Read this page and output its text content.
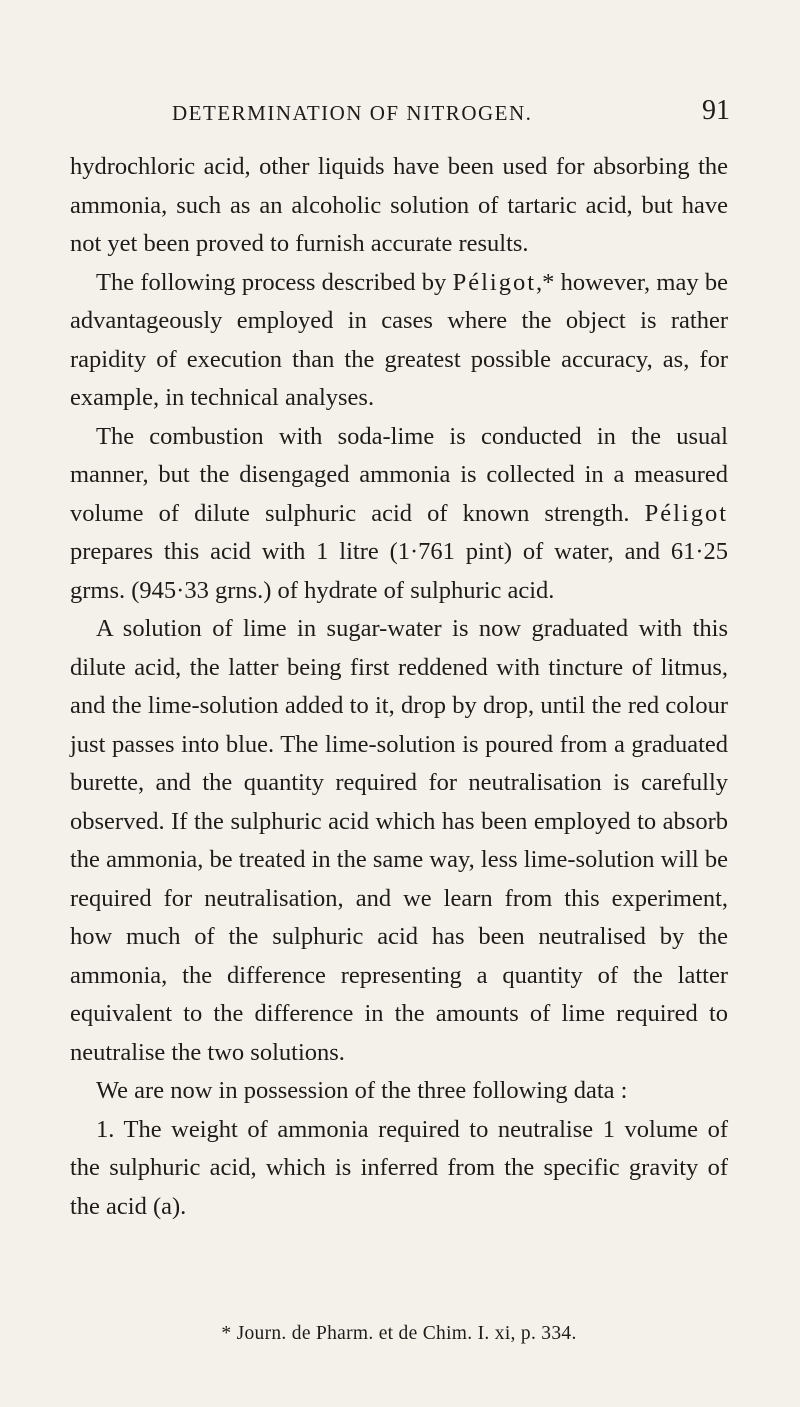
DETERMINATION OF NITROGEN.	91

hydrochloric acid, other liquids have been used for absorbing the ammonia, such as an alcoholic solution of tartaric acid, but have not yet been proved to furnish accurate results.

The following process described by Péligot,* however, may be advantageously employed in cases where the object is rather rapidity of execution than the greatest possible accuracy, as, for example, in technical analyses.

The combustion with soda-lime is conducted in the usual manner, but the disengaged ammonia is collected in a measured volume of dilute sulphuric acid of known strength. Péligot prepares this acid with 1 litre (1·761 pint) of water, and 61·25 grms. (945·33 grns.) of hydrate of sulphuric acid.

A solution of lime in sugar-water is now graduated with this dilute acid, the latter being first reddened with tincture of litmus, and the lime-solution added to it, drop by drop, until the red colour just passes into blue. The lime-solution is poured from a graduated burette, and the quantity required for neutralisation is carefully observed. If the sulphuric acid which has been employed to absorb the ammonia, be treated in the same way, less lime-solution will be required for neutralisation, and we learn from this experiment, how much of the sulphuric acid has been neutralised by the ammonia, the difference representing a quantity of the latter equivalent to the difference in the amounts of lime required to neutralise the two solutions.

We are now in possession of the three following data :

1. The weight of ammonia required to neutralise 1 volume of the sulphuric acid, which is inferred from the specific gravity of the acid (a).

* Journ. de Pharm. et de Chim. I. xi, p. 334.
